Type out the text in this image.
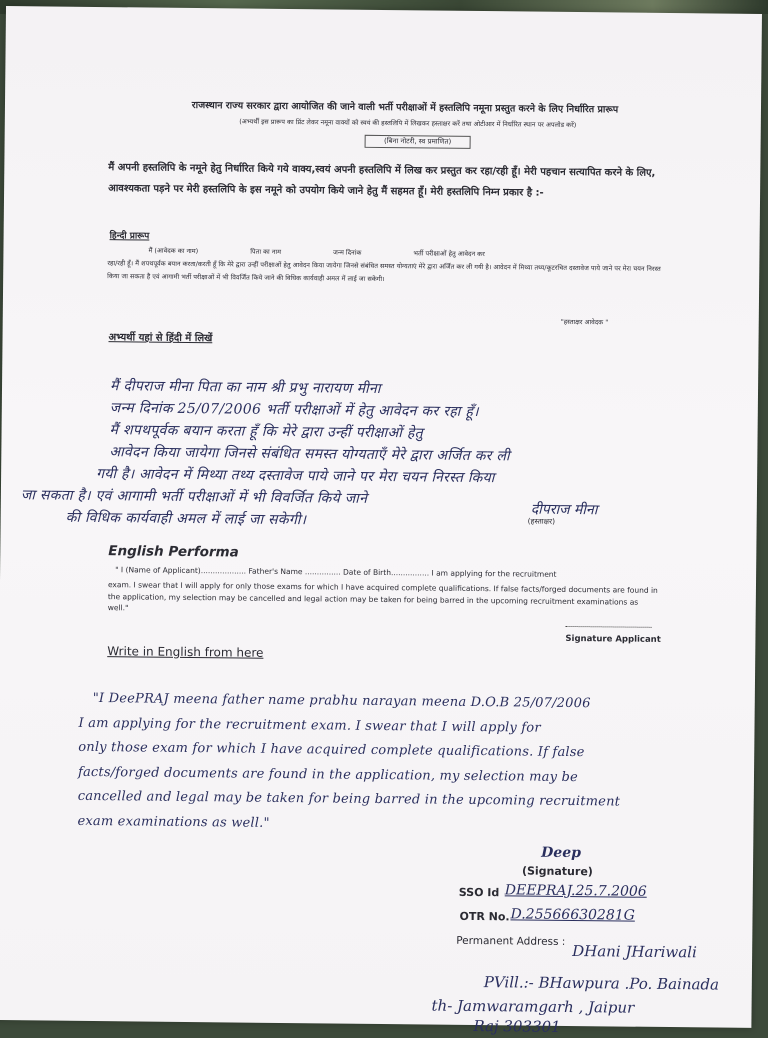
राजस्थान राज्य सरकार द्वारा आयोजित की जाने वाली भर्ती परीक्षाओं में हस्तलिपि नमूना प्रस्तुत करने के लिए निर्धारित प्रारूप
(अभ्यर्थी इस प्रारूप का प्रिंट लेकर नमूना वाक्यों को स्वयं की हस्तलिपि में लिखकर हस्ताक्षर करें तथा ओटीआर में निर्धारित स्थान पर अपलोड करें)
(बिना नोटरी, स्व प्रमाणित)
मैं अपनी हस्तलिपि के नमूने हेतु निर्धारित किये गये वाक्य,स्वयं अपनी हस्तलिपि में लिख कर प्रस्तुत कर रहा/रही हूँ। मेरी पहचान सत्यापित करने के लिए, आवश्यकता पड़ने पर मेरी हस्तलिपि के इस नमूने को उपयोग किये जाने हेतु मैं सहमत हूँ। मेरी हस्तलिपि निम्न प्रकार है :-
हिन्दी प्रारूप
मैं (आवेदक का नाम)	पिता का नाम	जन्म दिनांक	भर्ती परीक्षाओं हेतु आवेदन कर
रहा/रही हूँ। मैं शपथपूर्वक बयान करता/करती हूँ कि मेरे द्वारा उन्हीं परीक्षाओं हेतु आवेदन किया जायेगा जिनसे संबंधित समस्त योग्यताएं मेरे द्वारा अर्जित कर ली गयी है। आवेदन में मिथ्या तथ्य/कूटरचित दस्तावेज पाये जाने पर मेरा चयन निरस्त किया जा सकता है एवं आगामी भर्ती परीक्षाओं में भी विवर्जित किये जाने की विधिक कार्यवाही अमल में लाई जा सकेगी।
"हस्ताक्षर आवेदक "
अभ्यर्थी यहां से हिंदी में लिखें
मैं दीपराज मीना पिता का नाम श्री प्रभु नारायण मीना
जन्म दिनांक 25/07/2006 भर्ती परीक्षाओं में हेतु आवेदन कर रहा हूँ।
मैं शपथपूर्वक बयान करता हूँ कि मेरे द्वारा उन्हीं परीक्षाओं हेतु
आवेदन किया जायेगा जिनसे संबंधित समस्त योग्यताएँ मेरे द्वारा अर्जित कर ली
गयी है। आवेदन में मिथ्या तथ्य दस्तावेज पाये जाने पर मेरा चयन निरस्त किया
जा सकता है। एवं आगामी भर्ती परीक्षाओं में भी विवर्जित किये जाने
की विधिक कार्यवाही अमल में लाई जा सकेगी।	दीपराज मीना
(हस्ताक्षर)
English Performa
" I (Name of Applicant)................... Father's Name ............... Date of Birth................ I am applying for the recruitment
exam. I swear that I will apply for only those exams for which I have acquired complete qualifications. If false facts/forged documents are found in the application, my selection may be cancelled and legal action may be taken for being barred in the upcoming recruitment examinations as well."
Signature Applicant
Write in English from here
"I DeePRAJ meena father name prabhu narayan meena D.O.B 25/07/2006
I am applying for the recruitment exam. I swear that I will apply for
only those exam for which I have acquired complete qualifications. If false
facts/forged documents are found in the application, my selection may be
cancelled and legal may be taken for being barred in the upcoming recruitment
exam examinations as well."
Deep
(Signature)
SSO Id DEEPRAJ.25.7.2006
OTR No. D.25566630281G
Permanent Address :
DHani JHariwali
PVill.:- BHawpura .Po. Bainada
th- Jamwaramgarh , Jaipur
Raj 303301
